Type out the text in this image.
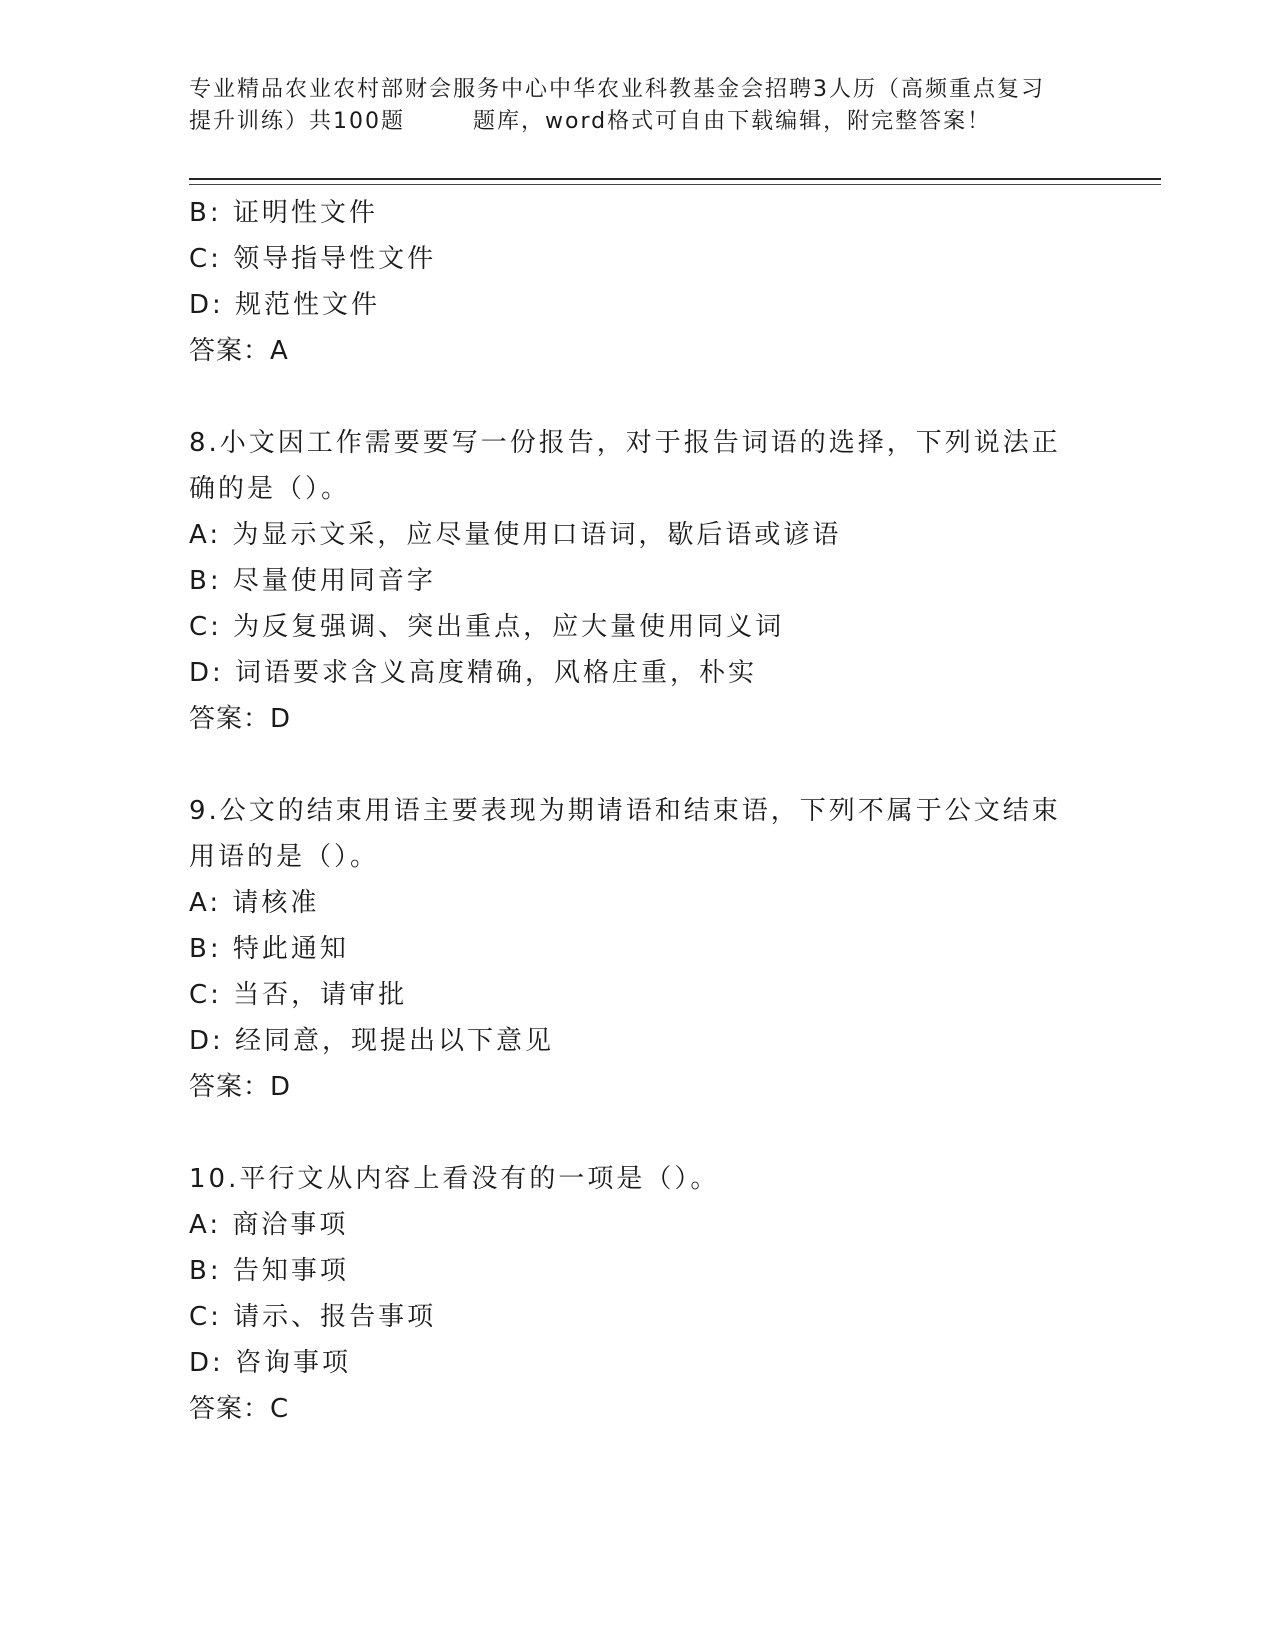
专业精品农业农村部财会服务中心中华农业科教基金会招聘3人历（高频重点复习
提升训练）共100题	题库，word格式可自由下载编辑，附完整答案！
B: 证明性文件
C: 领导指导性文件
D: 规范性文件
答案：A
8.小文因工作需要要写一份报告，对于报告词语的选择，下列说法正
确的是（）。
A: 为显示文采，应尽量使用口语词，歇后语或谚语
B: 尽量使用同音字
C: 为反复强调、突出重点，应大量使用同义词
D: 词语要求含义高度精确，风格庄重，朴实
答案：D
9.公文的结束用语主要表现为期请语和结束语，下列不属于公文结束
用语的是（）。
A: 请核准
B: 特此通知
C: 当否，请审批
D: 经同意，现提出以下意见
答案：D
10.平行文从内容上看没有的一项是（）。
A: 商洽事项
B: 告知事项
C: 请示、报告事项
D: 咨询事项
答案：C
